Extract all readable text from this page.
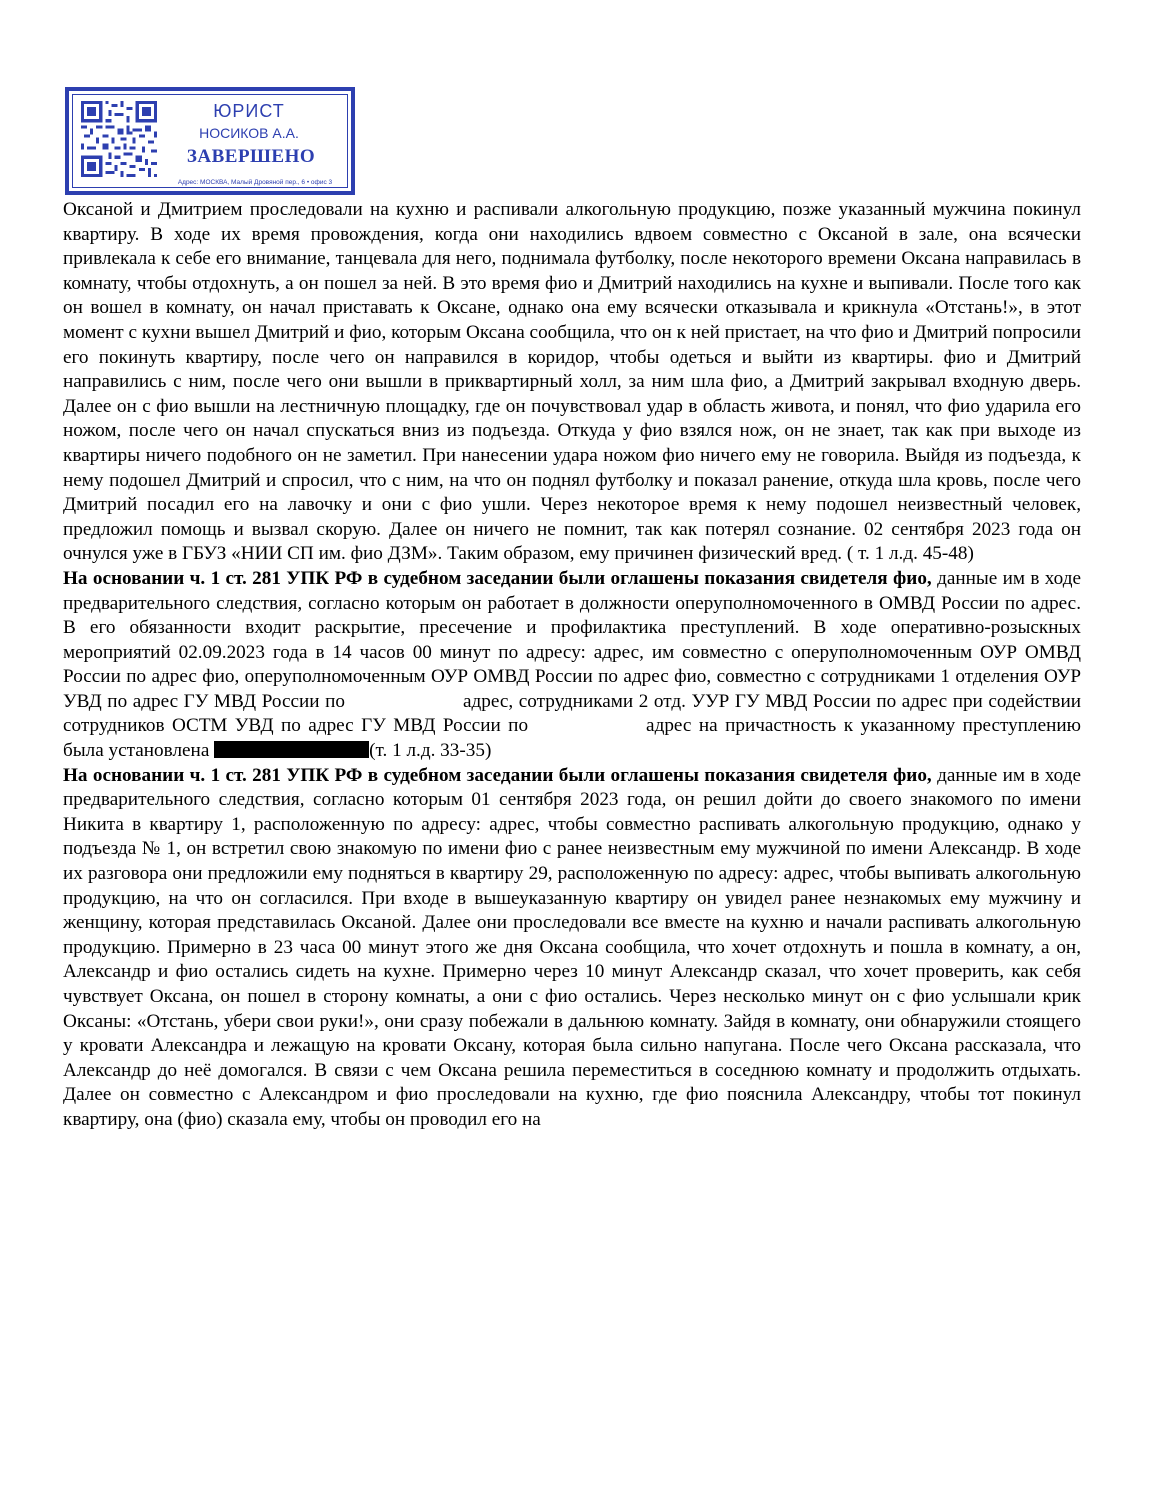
ЮРИСТ
НОСИКОВ А.А.
ЗАВЕРШЕНО
Адрес: МОСКВА, Малый Дровяной пер., 6 • офис 3

Оксаной и Дмитрием проследовали на кухню и распивали алкогольную продукцию, позже указанный мужчина покинул квартиру. В ходе их время провождения, когда они находились вдвоем совместно с Оксаной в зале, она всячески привлекала к себе его внимание, танцевала для него, поднимала футболку, после некоторого времени Оксана направилась в комнату, чтобы отдохнуть, а он пошел за ней. В это время фио и Дмитрий находились на кухне и выпивали. После того как он вошел в комнату, он начал приставать к Оксане, однако она ему всячески отказывала и крикнула «Отстань!», в этот момент с кухни вышел Дмитрий и фио, которым Оксана сообщила, что он к ней пристает, на что фио и Дмитрий попросили его покинуть квартиру, после чего он направился в коридор, чтобы одеться и выйти из квартиры. фио и Дмитрий направились с ним, после чего они вышли в приквартирный холл, за ним шла фио, а Дмитрий закрывал входную дверь. Далее он с фио вышли на лестничную площадку, где он почувствовал удар в область живота, и понял, что фио ударила его ножом, после чего он начал спускаться вниз из подъезда. Откуда у фио взялся нож, он не знает, так как при выходе из квартиры ничего подобного он не заметил. При нанесении удара ножом фио ничего ему не говорила. Выйдя из подъезда, к нему подошел Дмитрий и спросил, что с ним, на что он поднял футболку и показал ранение, откуда шла кровь, после чего Дмитрий посадил его на лавочку и они с фио ушли. Через некоторое время к нему подошел неизвестный человек, предложил помощь и вызвал скорую. Далее он ничего не помнит, так как потерял сознание. 02 сентября 2023 года он очнулся уже в ГБУЗ «НИИ СП им. фио ДЗМ». Таким образом, ему причинен физический вред. ( т. 1 л.д. 45-48)

На основании ч. 1 ст. 281 УПК РФ в судебном заседании были оглашены показания свидетеля фио, данные им в ходе предварительного следствия, согласно которым он работает в должности оперуполномоченного в ОМВД России по адрес. В его обязанности входит раскрытие, пресечение и профилактика преступлений. В ходе оперативно-розыскных мероприятий 02.09.2023 года в 14 часов 00 минут по адресу: адрес, им совместно с оперуполномоченным ОУР ОМВД России по адрес фио, оперуполномоченным ОУР ОМВД России по адрес фио, совместно с сотрудниками 1 отделения ОУР УВД по адрес ГУ МВД России по	адрес, сотрудниками 2 отд. УУР ГУ МВД России по адрес при содействии сотрудников ОСТМ УВД по адрес ГУ МВД России по	адрес на причастность к указанному преступлению была установлена	(т. 1 л.д. 33-35)

На основании ч. 1 ст. 281 УПК РФ в судебном заседании были оглашены показания свидетеля фио, данные им в ходе предварительного следствия, согласно которым 01 сентября 2023 года, он решил дойти до своего знакомого по имени Никита в квартиру 1, расположенную по адресу: адрес, чтобы совместно распивать алкогольную продукцию, однако у подъезда № 1, он встретил свою знакомую по имени фио с ранее неизвестным ему мужчиной по имени Александр. В ходе их разговора они предложили ему подняться в квартиру 29, расположенную по адресу: адрес, чтобы выпивать алкогольную продукцию, на что он согласился. При входе в вышеуказанную квартиру он увидел ранее незнакомых ему мужчину и женщину, которая представилась Оксаной. Далее они проследовали все вместе на кухню и начали распивать алкогольную продукцию. Примерно в 23 часа 00 минут этого же дня Оксана сообщила, что хочет отдохнуть и пошла в комнату, а он, Александр и фио остались сидеть на кухне. Примерно через 10 минут Александр сказал, что хочет проверить, как себя чувствует Оксана, он пошел в сторону комнаты, а они с фио остались. Через несколько минут он с фио услышали крик Оксаны: «Отстань, убери свои руки!», они сразу побежали в дальнюю комнату. Зайдя в комнату, они обнаружили стоящего у кровати Александра и лежащую на кровати Оксану, которая была сильно напугана. После чего Оксана рассказала, что Александр до неё домогался. В связи с чем Оксана решила переместиться в соседнюю комнату и продолжить отдыхать. Далее он совместно с Александром и фио проследовали на кухню, где фио пояснила Александру, чтобы тот покинул квартиру, она (фио) сказала ему, чтобы он проводил его на
